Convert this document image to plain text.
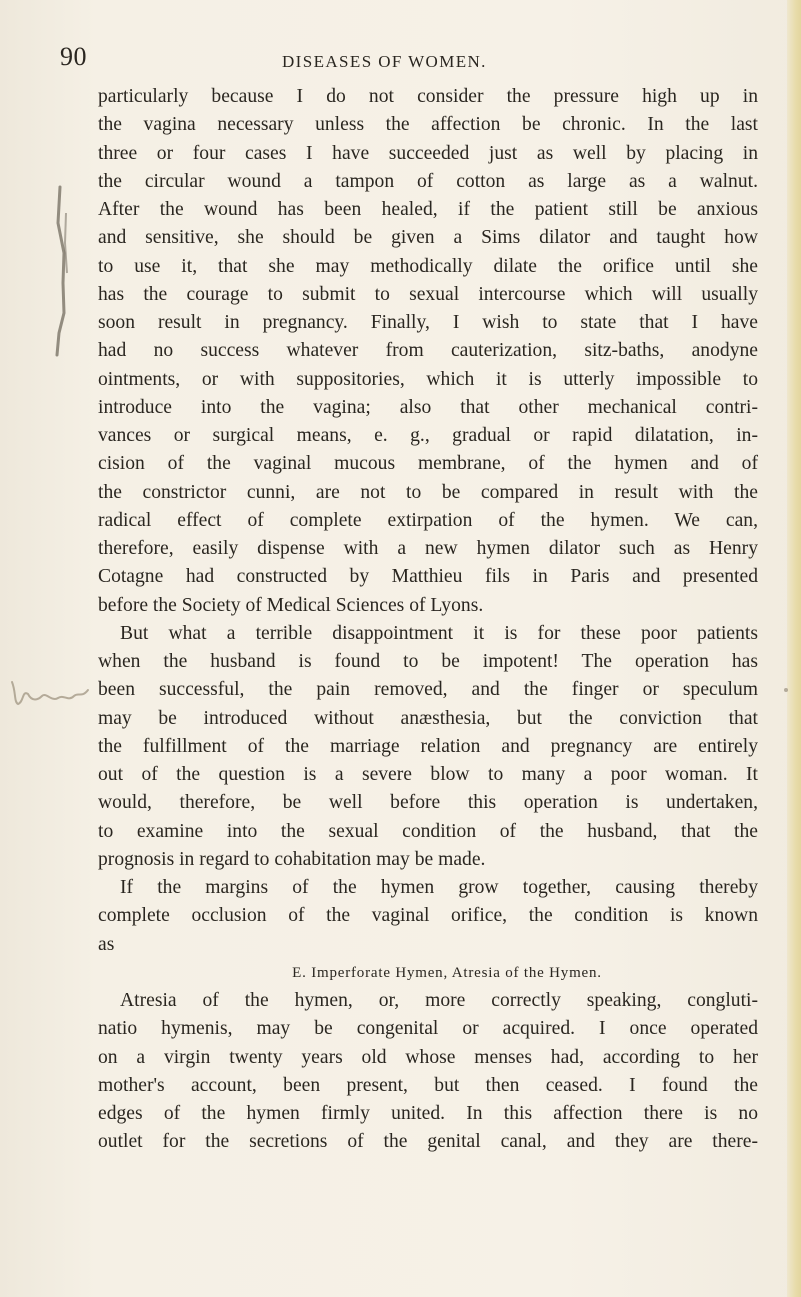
90	DISEASES OF WOMEN.
particularly because I do not consider the pressure high up in
the vagina necessary unless the affection be chronic. In the last
three or four cases I have succeeded just as well by placing in
the circular wound a tampon of cotton as large as a walnut.
After the wound has been healed, if the patient still be anxious
and sensitive, she should be given a Sims dilator and taught how
to use it, that she may methodically dilate the orifice until she
has the courage to submit to sexual intercourse which will usually
soon result in pregnancy. Finally, I wish to state that I have
had no success whatever from cauterization, sitz-baths, anodyne
ointments, or with suppositories, which it is utterly impossible to
introduce into the vagina; also that other mechanical contri-
vances or surgical means, e. g., gradual or rapid dilatation, in-
cision of the vaginal mucous membrane, of the hymen and of
the constrictor cunni, are not to be compared in result with the
radical effect of complete extirpation of the hymen. We can,
therefore, easily dispense with a new hymen dilator such as Henry
Cotagne had constructed by Matthieu fils in Paris and presented
before the Society of Medical Sciences of Lyons.
But what a terrible disappointment it is for these poor patients
when the husband is found to be impotent! The operation has
been successful, the pain removed, and the finger or speculum
may be introduced without anæsthesia, but the conviction that
the fulfillment of the marriage relation and pregnancy are entirely
out of the question is a severe blow to many a poor woman. It
would, therefore, be well before this operation is undertaken,
to examine into the sexual condition of the husband, that the
prognosis in regard to cohabitation may be made.
If the margins of the hymen grow together, causing thereby
complete occlusion of the vaginal orifice, the condition is known
as
E. Imperforate Hymen, Atresia of the Hymen.
Atresia of the hymen, or, more correctly speaking, congluti-
natio hymenis, may be congenital or acquired. I once operated
on a virgin twenty years old whose menses had, according to her
mother's account, been present, but then ceased. I found the
edges of the hymen firmly united. In this affection there is no
outlet for the secretions of the genital canal, and they are there-
